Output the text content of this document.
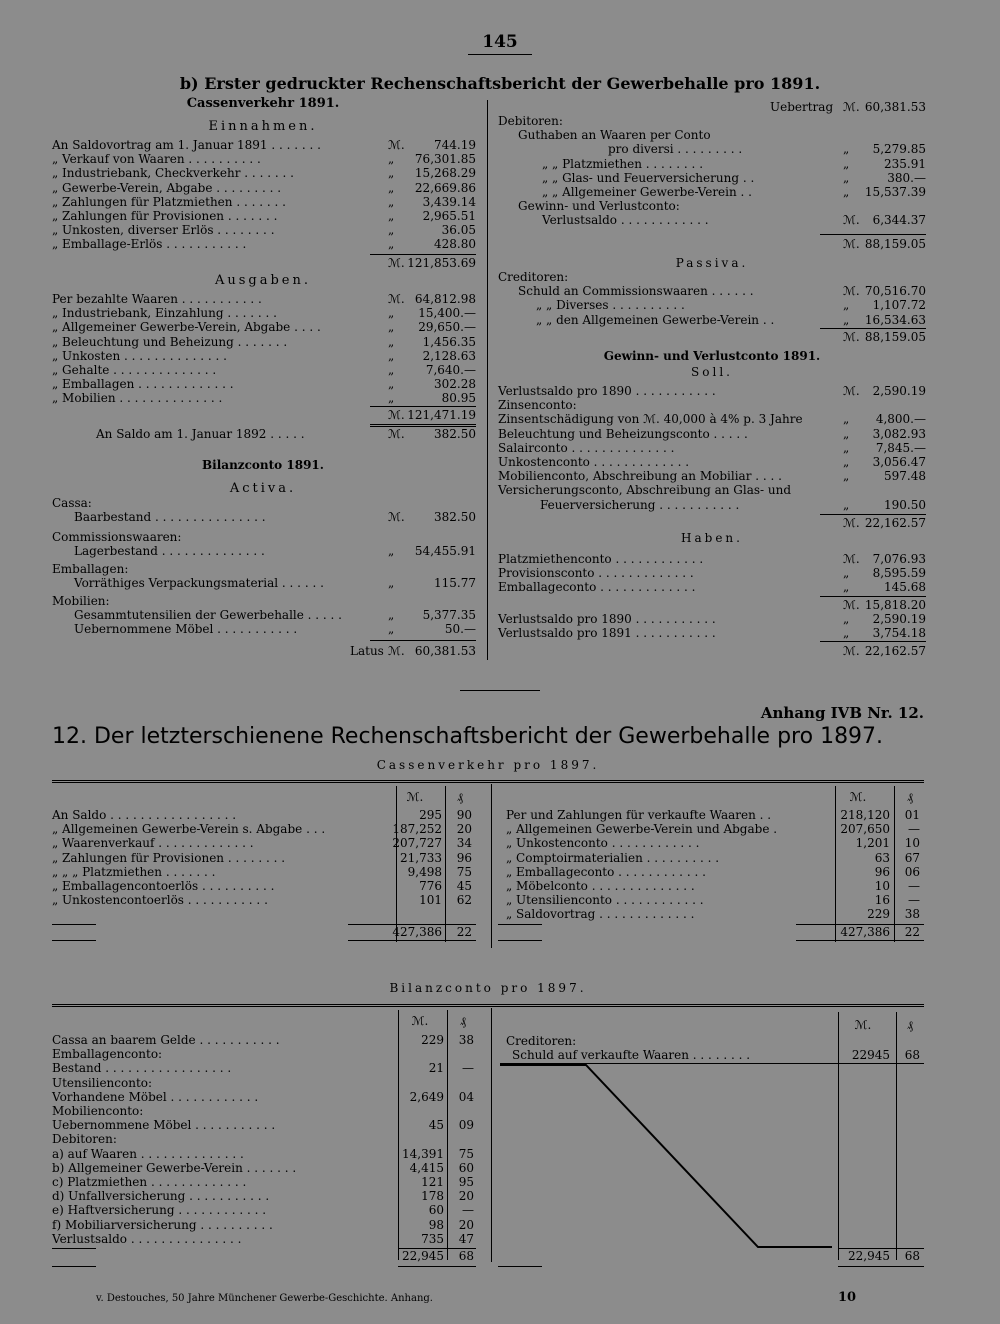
145
b) Erster gedruckter Rechenschaftsbericht der Gewerbehalle pro 1891.
Cassenverkehr 1891.
Einnahmen.
An Saldovortrag am 1. Januar 1891 . . . . . . .	ℳ.	744.19
„ Verkauf von Waaren . . . . . . . . . .	„	76,301.85
„ Industriebank, Checkverkehr . . . . . . .	„	15,268.29
„ Gewerbe-Verein, Abgabe . . . . . . . . .	„	22,669.86
„ Zahlungen für Platzmiethen . . . . . . .	„	3,439.14
„ Zahlungen für Provisionen . . . . . . .	„	2,965.51
„ Unkosten, diverser Erlös . . . . . . . .	„	36.05
„ Emballage-Erlös . . . . . . . . . . .	„	428.80
ℳ. 121,853.69
Ausgaben.
Per bezahlte Waaren . . . . . . . . . . .	ℳ. 64,812.98
„ Industriebank, Einzahlung . . . . . . .	„	15,400.—
„ Allgemeiner Gewerbe-Verein, Abgabe . . . .	„	29,650.—
„ Beleuchtung und Beheizung . . . . . . .	„	1,456.35
„ Unkosten . . . . . . . . . . . . . .	„	2,128.63
„ Gehalte . . . . . . . . . . . . . .	„	7,640.—
„ Emballagen . . . . . . . . . . . . .	„	302.28
„ Mobilien . . . . . . . . . . . . . .	„	80.95
ℳ. 121,471.19
An Saldo am 1. Januar 1892 . . . . .	ℳ.	382.50
Bilanzconto 1891.
Activa.
Cassa:
Baarbestand . . . . . . . . . . . . . . .	ℳ.	382.50
Commissionswaaren:
Lagerbestand . . . . . . . . . . . . . .	„	54,455.91
Emballagen:
Vorräthiges Verpackungsmaterial . . . . . .	„	115.77
Mobilien:
Gesammtutensilien der Gewerbehalle . . . . .	„	5,377.35
Uebernommene Möbel . . . . . . . . . . .	„	50.—
Latus ℳ. 60,381.53
Uebertrag ℳ. 60,381.53
Debitoren:
Guthaben an Waaren per Conto
pro diversi . . . . . . . . .	„	5,279.85
„ „ Platzmiethen . . . . . . . .	„	235.91
„ „ Glas- und Feuerversicherung . .	„	380.—
„ „ Allgemeiner Gewerbe-Verein . .	„	15,537.39
Gewinn- und Verlustconto:
Verlustsaldo . . . . . . . . . . . .	ℳ.	6,344.37
ℳ. 88,159.05
Passiva.
Creditoren:
Schuld an Commissionswaaren . . . . . .	ℳ. 70,516.70
„ „ Diverses . . . . . . . . . .	„	1,107.72
„ „ den Allgemeinen Gewerbe-Verein . .	„	16,534.63
ℳ. 88,159.05
Gewinn- und Verlustconto 1891.
Soll.
Verlustsaldo pro 1890 . . . . . . . . . . .	ℳ.	2,590.19
Zinsenconto:
Zinsentschädigung von ℳ. 40,000 à 4% p. 3 Jahre	„	4,800.—
Beleuchtung und Beheizungsconto . . . . .	„	3,082.93
Salairconto . . . . . . . . . . . . . .	„	7,845.—
Unkostenconto . . . . . . . . . . . . .	„	3,056.47
Mobilienconto, Abschreibung an Mobiliar . . . .	„	597.48
Versicherungsconto, Abschreibung an Glas- und
Feuerversicherung . . . . . . . . . . .	„	190.50
ℳ. 22,162.57
Haben.
Platzmiethenconto . . . . . . . . . . . .	ℳ.	7,076.93
Provisionsconto . . . . . . . . . . . . .	„	8,595.59
Emballageconto . . . . . . . . . . . . .	„	145.68
ℳ. 15,818.20
Verlustsaldo pro 1890 . . . . . . . . . . .	„	2,590.19
Verlustsaldo pro 1891 . . . . . . . . . . .	„	3,754.18
ℳ. 22,162.57
Anhang IVB Nr. 12.
12. Der letzterschienene Rechenschaftsbericht der Gewerbehalle pro 1897.
Cassenverkehr pro 1897.
ℳ.	₰	ℳ.	₰
An Saldo . . . . . . . . . . . . . . . . .	295	90
„ Allgemeinen Gewerbe-Verein s. Abgabe . . .	187,252	20
„ Waarenverkauf . . . . . . . . . . . . .	207,727	34
„ Zahlungen für Provisionen . . . . . . . .	21,733	96
„ „ „ Platzmiethen . . . . . . .	9,498	75
„ Emballagencontoerlös . . . . . . . . . .	776	45
„ Unkostencontoerlös . . . . . . . . . . .	101	62
Per und Zahlungen für verkaufte Waaren . .	218,120	01
„ Allgemeinen Gewerbe-Verein und Abgabe .	207,650	—
„ Unkostenconto . . . . . . . . . . . .	1,201	10
„ Comptoirmaterialien . . . . . . . . . .	63	67
„ Emballageconto . . . . . . . . . . . .	96	06
„ Möbelconto . . . . . . . . . . . . . .	10	—
„ Utensilienconto . . . . . . . . . . . .	16	—
„ Saldovortrag . . . . . . . . . . . . .	229	38
427,386	22	427,386	22
Bilanzconto pro 1897.
ℳ.	₰	ℳ.	₰
Cassa an baarem Gelde . . . . . . . . . . .	229	38
Emballagenconto:
Bestand . . . . . . . . . . . . . . . . .	21	—
Utensilienconto:
Vorhandene Möbel . . . . . . . . . . . .	2,649	04
Mobilienconto:
Uebernommene Möbel . . . . . . . . . . .	45	09
Debitoren:
a) auf Waaren . . . . . . . . . . . . . .	14,391	75
b) Allgemeiner Gewerbe-Verein . . . . . . .	4,415	60
c) Platzmiethen . . . . . . . . . . . . .	121	95
d) Unfallversicherung . . . . . . . . . . .	178	20
e) Haftversicherung . . . . . . . . . . . .	60	—
f) Mobiliarversicherung . . . . . . . . . .	98	20
Verlustsaldo . . . . . . . . . . . . . . .	735	47
22,945	68
Creditoren:
Schuld auf verkaufte Waaren . . . . . . . .	22945	68
22,945	68
v. Destouches, 50 Jahre Münchener Gewerbe-Geschichte. Anhang.	10
